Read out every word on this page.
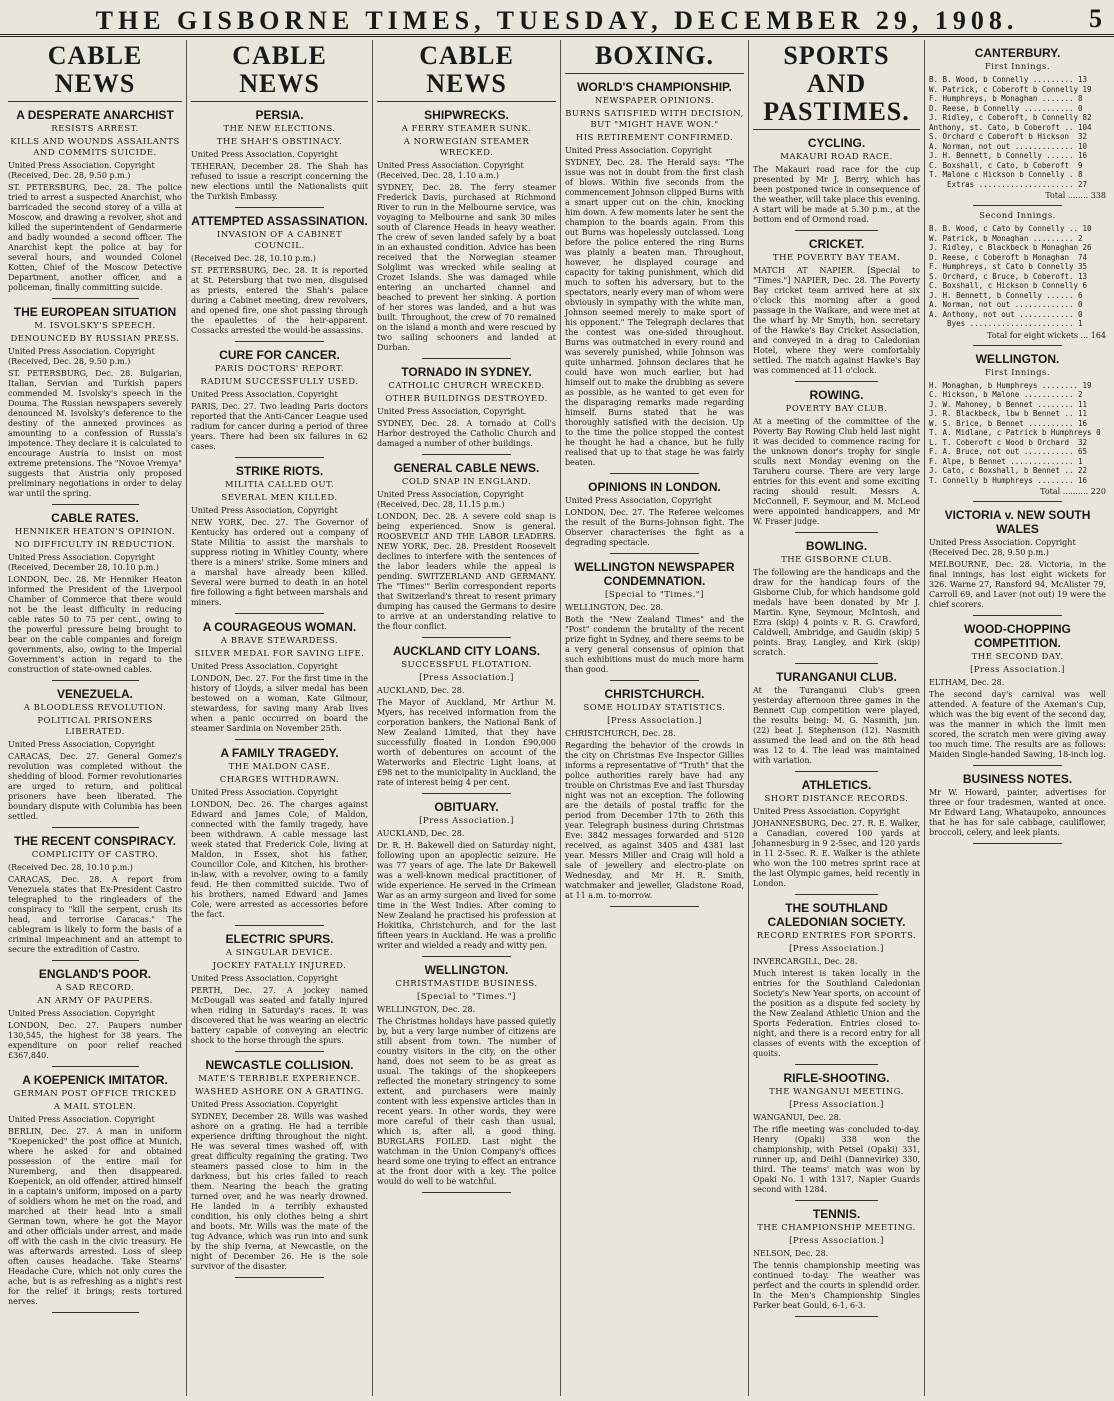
THE GISBORNE TIMES, TUESDAY, DECEMBER 29, 1908.	5
CABLE NEWS
A DESPERATE ANARCHIST
RESISTS ARREST.
KILLS AND WOUNDS ASSAILANTS AND COMMITS SUICIDE.
United Press Association. Copyright (Received, Dec. 28, 9.50 p.m.)
ST. PETERSBURG, Dec. 28. The police tried to arrest a suspected Anarchist, who barricaded the second storey of a villa at Moscow, and drawing a revolver, shot and killed the superintendent of Gendarmerie and badly wounded a second officer. The Anarchist kept the police at bay for several hours, and wounded Colonel Kotten, Chief of the Moscow Detective Department, another officer, and a policeman, finally committing suicide.
THE EUROPEAN SITUATION
M. ISVOLSKY'S SPEECH.
DENOUNCED BY RUSSIAN PRESS.
United Press Association. Copyright (Received, Dec. 28, 9.50 p.m.)
ST. PETERSBURG, Dec. 28. Bulgarian, Italian, Servian and Turkish papers commended M. Isvolsky's speech in the Douma. The Russian newspapers severely denounced M. Isvolsky's deference to the destiny of the annexed provinces as amounting to a confession of Russia's impotence. They declare it is calculated to encourage Austria to insist on most extreme pretensions. The "Novoe Vremya" suggests that Austria only proposed preliminary negotiations in order to delay war until the spring.
CABLE RATES.
HENNIKER HEATON'S OPINION.
NO DIFFICULTY IN REDUCTION.
United Press Association. Copyright (Received, December 28, 10.10 p.m.)
LONDON, Dec. 28. Mr Henniker Heaton informed the President of the Liverpool Chamber of Commerce that there would not be the least difficulty in reducing cable rates 50 to 75 per cent., owing to the powerful pressure being brought to bear on the cable companies and foreign governments, also, owing to the Imperial Government's action in regard to the construction of state-owned cables.
VENEZUELA.
A BLOODLESS REVOLUTION.
POLITICAL PRISONERS LIBERATED.
United Press Association, Copyright
CARACAS, Dec. 27. General Gomez's revolution was completed without the shedding of blood. Former revolutionaries are urged to return, and political prisoners have been liberated. The boundary dispute with Columbia has been settled.
THE RECENT CONSPIRACY.
COMPLICITY OF CASTRO.
(Received Dec. 28, 10.10 p.m.)
CARACAS, Dec. 28. A report from Venezuela states that Ex-President Castro telegraphed to the ringleaders of the conspiracy to "kill the serpent, crush its head, and terrorise Caracas." The cablegram is likely to form the basis of a criminal impeachment and an attempt to secure the extradition of Castro.
ENGLAND'S POOR.
A SAD RECORD.
AN ARMY OF PAUPERS.
United Press Association. Copyright
LONDON, Dec. 27. Paupers number 130,545, the highest for 38 years. The expenditure on poor relief reached £367,840.
A KOEPENICK IMITATOR.
GERMAN POST OFFICE TRICKED
A MAIL STOLEN.
United Press Association. Copyright
BERLIN, Dec. 27. A man in uniform "Koepenicked" the post office at Munich, where he asked for and obtained possession of the entire mail for Nuremberg, and then disappeared. Koepenick, an old offender, attired himself in a captain's uniform, imposed on a party of soldiers whom he met on the road, and marched at their head into a small German town, where he got the Mayor and other officials under arrest, and made off with the cash in the civic treasury. He was afterwards arrested. Loss of sleep often causes headache. Take Stearns' Headache Cure, which not only cures the ache, but is as refreshing as a night's rest for the relief it brings; rests tortured nerves.
CABLE NEWS
PERSIA.
THE NEW ELECTIONS.
THE SHAH'S OBSTINACY.
United Press Association. Copyright
TEHERAN, December 28. The Shah has refused to issue a rescript concerning the new elections until the Nationalists quit the Turkish Embassy.
ATTEMPTED ASSASSINATION.
INVASION OF A CABINET COUNCIL.
(Received Dec. 28, 10.10 p.m.)
ST. PETERSBURG, Dec. 28. It is reported at St. Petersburg that two men, disguised as priests, entered the Shah's palace during a Cabinet meeting, drew revolvers, and opened fire, one shot passing through the epaulettes of the heir-apparent. Cossacks arrested the would-be assassins.
CURE FOR CANCER.
PARIS DOCTORS' REPORT.
RADIUM SUCCESSFULLY USED.
United Press Association. Copyright
PARIS, Dec. 27. Two leading Paris doctors reported that the Anti-Cancer League used radium for cancer during a period of three years. There had been six failures in 62 cases.
STRIKE RIOTS.
MILITIA CALLED OUT.
SEVERAL MEN KILLED.
United Press Association, Copyright
NEW YORK, Dec. 27. The Governor of Kentucky has ordered out a company of State Militia to assist the marshals to suppress rioting in Whitley County, where there is a miners' strike. Some miners and a marshal have already been killed. Several were burned to death in an hotel fire following a fight between marshals and miners.
A COURAGEOUS WOMAN.
A BRAVE STEWARDESS.
SILVER MEDAL FOR SAVING LIFE.
United Press Association. Copyright
LONDON, Dec. 27. For the first time in the history of Lloyds, a silver medal has been bestowed on a woman, Kate Gilmour, stewardess, for saving many Arab lives when a panic occurred on board the steamer Sardinia on November 25th.
A FAMILY TRAGEDY.
THE MALDON CASE.
CHARGES WITHDRAWN.
United Press Association. Copyright
LONDON, Dec. 26. The charges against Edward and James Cole, of Maldon, connected with the family tragedy, have been withdrawn. A cable message last week stated that Frederick Cole, living at Maldon, in Essex, shot his father, Councillor Cole, and Kitchen, his brother-in-law, with a revolver, owing to a family feud. He then committed suicide. Two of his brothers, named Edward and James Cole, were arrested as accessories before the fact.
ELECTRIC SPURS.
A SINGULAR DEVICE.
JOCKEY FATALLY INJURED.
United Press Association. Copyright
PERTH, Dec. 27. A jockey named McDougall was seated and fatally injured when riding in Saturday's races. It was discovered that he was wearing an electric battery capable of conveying an electric shock to the horse through the spurs.
NEWCASTLE COLLISION.
MATE'S TERRIBLE EXPERIENCE.
WASHED ASHORE ON A GRATING.
United Press Association. Copyright
SYDNEY, December 28. Wills was washed ashore on a grating. He had a terrible experience drifting throughout the night. He was several times washed off, with great difficulty regaining the grating. Two steamers passed close to him in the darkness, but his cries failed to reach them. Nearing the beach the grating turned over, and he was nearly drowned. He landed in a terribly exhausted condition, his only clothes being a shirt and boots. Mr. Wills was the mate of the tug Advance, which was run into and sunk by the ship Iverna, at Newcastle, on the night of December 26. He is the sole survivor of the disaster.
CABLE NEWS
SHIPWRECKS.
A FERRY STEAMER SUNK.
A NORWEGIAN STEAMER WRECKED.
United Press Association. Copyright (Received, Dec. 28, 1.10 a.m.)
SYDNEY, Dec. 28. The ferry steamer Frederick Davis, purchased at Richmond River to run in the Melbourne service, was voyaging to Melbourne and sank 30 miles south of Clarence Heads in heavy weather. The crew of seven landed safely by a boat in an exhausted condition. Advice has been received that the Norwegian steamer Solglimt was wrecked while sealing at Crozet Islands. She was damaged while entering an uncharted channel and beached to prevent her sinking. A portion of her stores was landed, and a hut was built. Throughout, the crew of 70 remained on the island a month and were rescued by two sailing schooners and landed at Durban.
TORNADO IN SYDNEY.
CATHOLIC CHURCH WRECKED.
OTHER BUILDINGS DESTROYED.
United Press Association, Copyright.
SYDNEY, Dec. 28. A tornado at Coll's Harbor destroyed the Catholic Church and damaged a number of other buildings.
GENERAL CABLE NEWS.
COLD SNAP IN ENGLAND.
United Press Association, Copyright (Received, Dec. 28, 11.15 p.m.)
LONDON, Dec. 28. A severe cold snap is being experienced. Snow is general. ROOSEVELT AND THE LABOR LEADERS. NEW YORK, Dec. 28. President Roosevelt declines to interfere with the sentences of the labor leaders while the appeal is pending. SWITZERLAND AND GERMANY. The "Times'" Berlin correspondent reports that Switzerland's threat to resent primary dumping has caused the Germans to desire to arrive at an understanding relative to the flour conflict.
AUCKLAND CITY LOANS.
SUCCESSFUL FLOTATION.
[Press Association.]
AUCKLAND, Dec. 28.
The Mayor of Auckland, Mr Arthur M. Myers, has received information from the corporation bankers, the National Bank of New Zealand Limited, that they have successfully floated in London £90,000 worth of debentures on account of the Waterworks and Electric Light loans, at £98 net to the municipality in Auckland, the rate of interest being 4 per cent.
OBITUARY.
[Press Association.]
AUCKLAND, Dec. 28.
Dr. R. H. Bakewell died on Saturday night, following upon an apoplectic seizure. He was 77 years of age. The late Dr Bakewell was a well-known medical practitioner, of wide experience. He served in the Crimean War as an army surgeon and lived for some time in the West Indies. After coming to New Zealand he practised his profession at Hokitika, Christchurch, and for the last fifteen years in Auckland. He was a prolific writer and wielded a ready and witty pen.
WELLINGTON.
CHRISTMASTIDE BUSINESS.
[Special to "Times."]
WELLINGTON, Dec. 28.
The Christmas holidays have passed quietly by, but a very large number of citizens are still absent from town. The number of country visitors in the city, on the other hand, does not seem to be as great as usual. The takings of the shopkeepers reflected the monetary stringency to some extent, and purchasers were mainly content with less expensive articles than in recent years. In other words, they were more careful of their cash than usual, which is, after all, a good thing. BURGLARS FOILED. Last night the watchman in the Union Company's offices heard some one trying to effect an entrance at the front door with a key. The police would do well to be watchful.
BOXING.
WORLD'S CHAMPIONSHIP.
NEWSPAPER OPINIONS.
BURNS SATISFIED WITH DECISION, BUT "MIGHT HAVE WON."
HIS RETIREMENT CONFIRMED.
United Press Association. Copyright
SYDNEY, Dec. 28. The Herald says: "The issue was not in doubt from the first clash of blows. Within five seconds from the commencement Johnson clipped Burns with a smart upper cut on the chin, knocking him down. A few moments later he sent the champion to the boards again. From this out Burns was hopelessly outclassed. Long before the police entered the ring Burns was plainly a beaten man. Throughout, however, he displayed courage and capacity for taking punishment, which did much to soften his adversary, but to the spectators, nearly every man of whom were obviously in sympathy with the white man, Johnson seemed merely to make sport of his opponent." The Telegraph declares that the contest was one-sided throughout. Burns was outmatched in every round and was severely punished, while Johnson was quite unharmed. Johnson declares that he could have won much earlier, but had himself out to make the drubbing as severe as possible, as he wanted to get even for the disparaging remarks made regarding himself. Burns stated that he was thoroughly satisfied with the decision. Up to the time the police stopped the contest he thought he had a chance, but he fully realised that up to that stage he was fairly beaten.
OPINIONS IN LONDON.
United Press Association, Copyright
LONDON, Dec. 27. The Referee welcomes the result of the Burns-Johnson fight. The Observer characterises the fight as a degrading spectacle.
WELLINGTON NEWSPAPER CONDEMNATION.
[Special to "Times."]
WELLINGTON, Dec. 28.
Both the "New Zealand Times" and the "Post" condemn the brutality of the recent prize fight in Sydney, and there seems to be a very general consensus of opinion that such exhibitions must do much more harm than good.
CHRISTCHURCH.
SOME HOLIDAY STATISTICS.
[Press Association.]
CHRISTCHURCH, Dec. 28.
Regarding the behavior of the crowds in the city on Christmas Eve Inspector Gillies informs a representative of "Truth" that the police authorities rarely have had any trouble on Christmas Eve and last Thursday night was not an exception. The following are the details of postal traffic for the period from December 17th to 26th this year. Telegraph business during Christmas Eve: 3842 messages forwarded and 5120 received, as against 3405 and 4381 last year. Messrs Miller and Craig will hold a sale of jewellery and electro-plate on Wednesday, and Mr H. R. Smith, watchmaker and jeweller, Gladstone Road, at 11 a.m. to-morrow.
SPORTS AND PASTIMES.
CYCLING.
MAKAURI ROAD RACE.
The Makauri road race for the cup presented by Mr J. Berry, which has been postponed twice in consequence of the weather, will take place this evening. A start will be made at 5.30 p.m., at the bottom end of Ormond road.
CRICKET.
THE POVERTY BAY TEAM.
MATCH AT NAPIER. [Special to "Times."] NAPIER, Dec. 28. The Poverty Bay cricket team arrived here at six o'clock this morning after a good passage in the Waikare, and were met at the wharf by Mr Smyth, hon. secretary of the Hawke's Bay Cricket Association, and conveyed in a drag to Caledonian Hotel, where they were comfortably settled. The match against Hawke's Bay was commenced at 11 o'clock.
ROWING.
POVERTY BAY CLUB.
At a meeting of the committee of the Poverty Bay Rowing Club held last night it was decided to commence racing for the unknown donor's trophy for single sculls next Monday evening on the Taruheru course. There are very large entries for this event and some exciting racing should result. Messrs A. McConnell, F. Seymour, and M. McLeod were appointed handicappers, and Mr W. Fraser judge.
BOWLING.
THE GISBORNE CLUB.
The following are the handicaps and the draw for the handicap fours of the Gisborne Club, for which handsome gold medals have been donated by Mr J. Martin. Kyne, Seymour, McIntosh, and Ezra (skip) 4 points v. R. G. Crawford, Caldwell, Ambridge, and Gaudin (skip) 5 points. Bray, Langley, and Kirk (skip) scratch.
TURANGANUI CLUB.
At the Turanganui Club's green yesterday afternoon three games in the Bennett Cup competition were played, the results being: M. G. Nasmith, jun. (22) beat J. Stephenson (12). Nasmith assumed the lead and on the 8th head was 12 to 4. The lead was maintained with variation.
ATHLETICS.
SHORT DISTANCE RECORDS.
United Press Association. Copyright
JOHANNESBURG, Dec. 27. R. E. Walker, a Canadian, covered 100 yards at Johannesburg in 9 2-5sec, and 120 yards in 11 2-5sec. R. E. Walker is the athlete who won the 100 metres sprint race at the last Olympic games, held recently in London.
THE SOUTHLAND CALEDONIAN SOCIETY.
RECORD ENTRIES FOR SPORTS.
[Press Association.]
INVERCARGILL, Dec. 28.
Much interest is taken locally in the entries for the Southland Caledonian Society's New Year sports, on account of the position as a dispute fed society by the New Zealand Athletic Union and the Sports Federation. Entries closed to-night, and there is a record entry for all classes of events with the exception of quoits.
RIFLE-SHOOTING.
THE WANGANUI MEETING.
[Press Association.]
WANGANUI, Dec. 28.
The rifle meeting was concluded to-day. Henry (Opaki) 338 won the championship, with Petsel (Opaki) 331, runner up, and Deihl (Dannevirke) 330, third. The teams' match was won by Opaki No. 1 with 1317, Napier Guards second with 1284.
TENNIS.
THE CHAMPIONSHIP MEETING.
[Press Association.]
NELSON, Dec. 28.
The tennis championship meeting was continued to-day. The weather was perfect and the courts in splendid order. In the Men's Championship Singles Parker beat Gould, 6-1, 6-3.
CANTERBURY.
First Innings.
B. B. Wood, b Connelly ......... 13
W. Patrick, c Coberoft b Connelly 19
F. Humphreys, b Monaghan ....... 8
D. Reese, b Connelly ........... 0
J. Ridley, c Coberoft, b Connelly 82
Anthony, st. Cato, b Coberoft .. 104
S. Orchard c Coberoft b Hickson  32
A. Norman, not out ............. 10
J. H. Bennett, b Connelly ...... 16
C. Boxshall, c Cato, b Coberoft  9
T. Malone c Hickson b Connelly . 8
Extras ..................... 27
Total ........ 338
Second Innings.
B. B. Wood, c Cato by Connelly .. 10
W. Patrick, b Monaghan ......... 2
J. Ridley, c Blackbeck b Monaghan 26
D. Reese, c Coberoft b Monaghan  74
F. Humphreys, st Cato b Connelly 35
S. Orchard, c Bruce, b Coberoft. 13
C. Boxshall, c Hickson b Connelly 6
J. H. Bennett, b Connelly ...... 6
A. Norman, not out ............. 0
A. Anthony, not out ............ 0
Byes ....................... 1
Total for eight wickets ... 164
WELLINGTON.
First Innings.
H. Monaghan, b Humphreys ........ 19
C. Hickson, b Malone ........... 2
J. W. Mahoney, b Bennet ........ 11
J. R. Blackbeck, lbw b Bennet .. 11
W. S. Brice, b Bennet .......... 16
T. A. Midlane, c Patrick b Humphreys 0
L. T. Coberoft c Wood b Orchard  32
F. A. Bruce, not out ........... 65
F. Alpe, b Bennet .............. 1
J. Cato, c Boxshall, b Bennet .. 22
T. Connelly b Humphreys ........ 16
Total .......... 220
VICTORIA v. NEW SOUTH WALES
United Press Association. Copyright (Received Dec. 28, 9.50 p.m.)
MELBOURNE, Dec. 28. Victoria, in the final innings, has lost eight wickets for 326. Warne 27, Ransford 94, McAlister 79, Carroll 69, and Laver (not out) 19 were the chief scorers.
WOOD-CHOPPING COMPETITION.
THE SECOND DAY.
[Press Association.]
ELTHAM, Dec. 28.
The second day's carnival was well attended. A feature of the Axeman's Cup, which was the big event of the second day, was the manner in which the limit men scored, the scratch men were giving away too much time. The results are as follows: Maiden Single-handed Sawing, 18-inch log.
BUSINESS NOTES.
Mr W. Howard, painter, advertises for three or four tradesmen, wanted at once. Mr Edward Lang, Whataupoko, announces that he has for sale cabbage, cauliflower, broccoli, celery, and leek plants.
